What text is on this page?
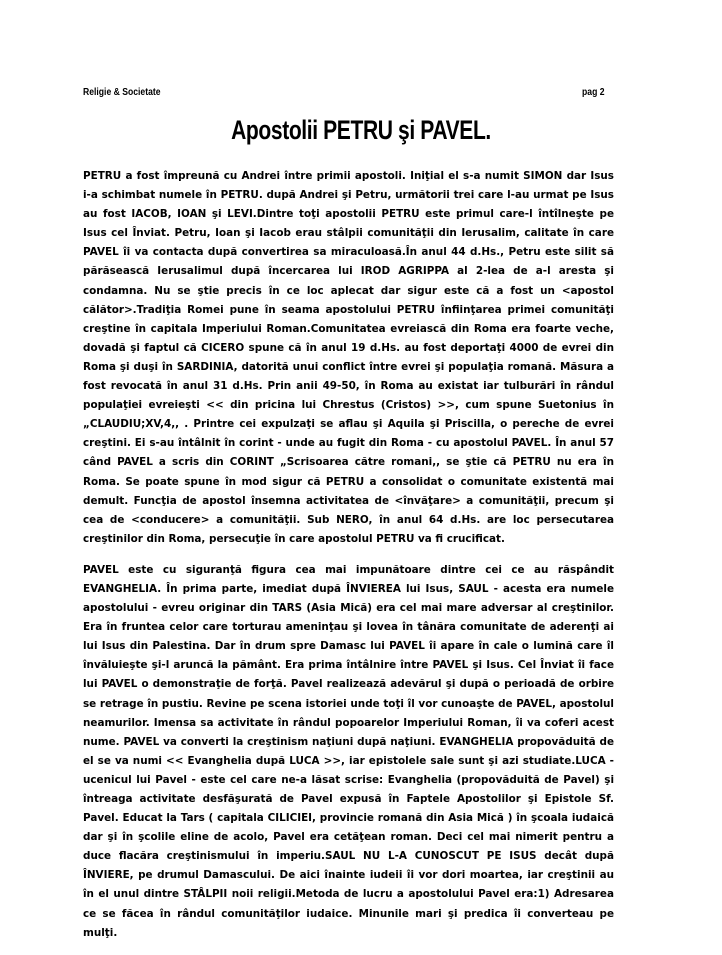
Religie & Societate	pag 2
Apostolii PETRU şi PAVEL.

PETRU a fost împreună cu Andrei între primii apostoli. Iniţial el s-a numit SIMON dar Isus i-a schimbat numele în PETRU. după Andrei şi Petru, următorii trei care l-au urmat pe Isus au fost IACOB, IOAN şi LEVI.Dintre toţi apostolii PETRU este primul care-l întîlneşte pe Isus cel Înviat. Petru, Ioan şi Iacob erau stâlpii comunităţii din Ierusalim, calitate în care PAVEL îi va contacta după convertirea sa miraculoasă.În anul 44 d.Hs., Petru este silit să părăsească Ierusalimul după încercarea lui IROD AGRIPPA al 2-lea de a-l aresta şi condamna. Nu se ştie precis în ce loc aplecat dar sigur este că a fost un <apostol călător>.Tradiţia Romei pune în seama apostolului PETRU înfiinţarea primei comunităţi creştine în capitala Imperiului Roman.Comunitatea evreiască din Roma era foarte veche, dovadă şi faptul că CICERO spune că în anul 19 d.Hs. au fost deportaţi 4000 de evrei din Roma şi duşi în SARDINIA, datorită unui conflict între evrei şi populaţia romană. Măsura a fost revocată în anul 31 d.Hs. Prin anii 49-50, în Roma au existat iar tulburări în rândul populaţiei evreieşti << din pricina lui Chrestus (Cristos) >>, cum spune Suetonius în „CLAUDIU;XV,4,, . Printre cei expulzaţi se aflau şi Aquila şi Priscilla, o pereche de evrei creştini. Ei s-au întâlnit în corint - unde au fugit din Roma - cu apostolul PAVEL. În anul 57 când PAVEL a scris din CORINT „Scrisoarea către romani,, se ştie că PETRU nu era în Roma. Se poate spune în mod sigur că PETRU a consolidat o comunitate existentă mai demult. Funcţia de apostol însemna activitatea de <învăţare> a comunităţii, precum şi cea de <conducere> a comunităţii. Sub NERO, în anul 64 d.Hs. are loc persecutarea creştinilor din Roma, persecuţie în care apostolul PETRU va fi crucificat.

PAVEL este cu siguranţă figura cea mai impunătoare dintre cei ce au răspândit EVANGHELIA. În prima parte, imediat după ÎNVIEREA lui Isus, SAUL - acesta era numele apostolului - evreu originar din TARS (Asia Mică) era cel mai mare adversar al creştinilor. Era în fruntea celor care torturau ameninţau şi loveа în tânăra comunitate de aderenţi ai lui Isus din Palestina. Dar în drum spre Damasc lui PAVEL îi apare în cale o lumină care îl învăluieşte şi-l aruncă la pământ. Era prima întâlnire între PAVEL şi Isus. Cel Înviat îi face lui PAVEL o demonstraţie de forţă. Pavel realizează adevărul şi după o perioadă de orbire se retrage în pustiu. Revine pe scena istoriei unde toţi îl vor cunoaşte de PAVEL, apostolul neamurilor. Imensa sa activitate în rândul popoarelor Imperiului Roman, îi va coferi acest nume. PAVEL va converti la creştinism naţiuni după naţiuni. EVANGHELIA propovăduită de el se va numi << Evanghelia după LUCA >>, iar epistolele sale sunt şi azi studiate.LUCA - ucenicul lui Pavel - este cel care ne-a lăsat scrise: Evanghelia (propovăduită de Pavel) şi întreaga activitate desfăşurată de Pavel expusă în Faptele Apostolilor şi Epistole Sf. Pavel. Educat la Tars ( capitala CILICIEI, provincie romană din Asia Mică ) în şcoala iudaică dar şi în şcolile eline de acolo, Pavel era cetăţean roman. Deci cel mai nimerit pentru a duce flacăra creştinismului în imperiu.SAUL NU L-A CUNOSCUT PE ISUS decât după ÎNVIERE, pe drumul Damascului. De aici înainte iudeii îi vor dori moartea, iar creştinii au în el unul dintre STÂLPII noii religii.Metoda de lucru a apostolului Pavel era:1) Adresarea ce se făcea în rândul comunităţilor iudaice. Minunile mari şi predica îi converteau pe mulţi.
